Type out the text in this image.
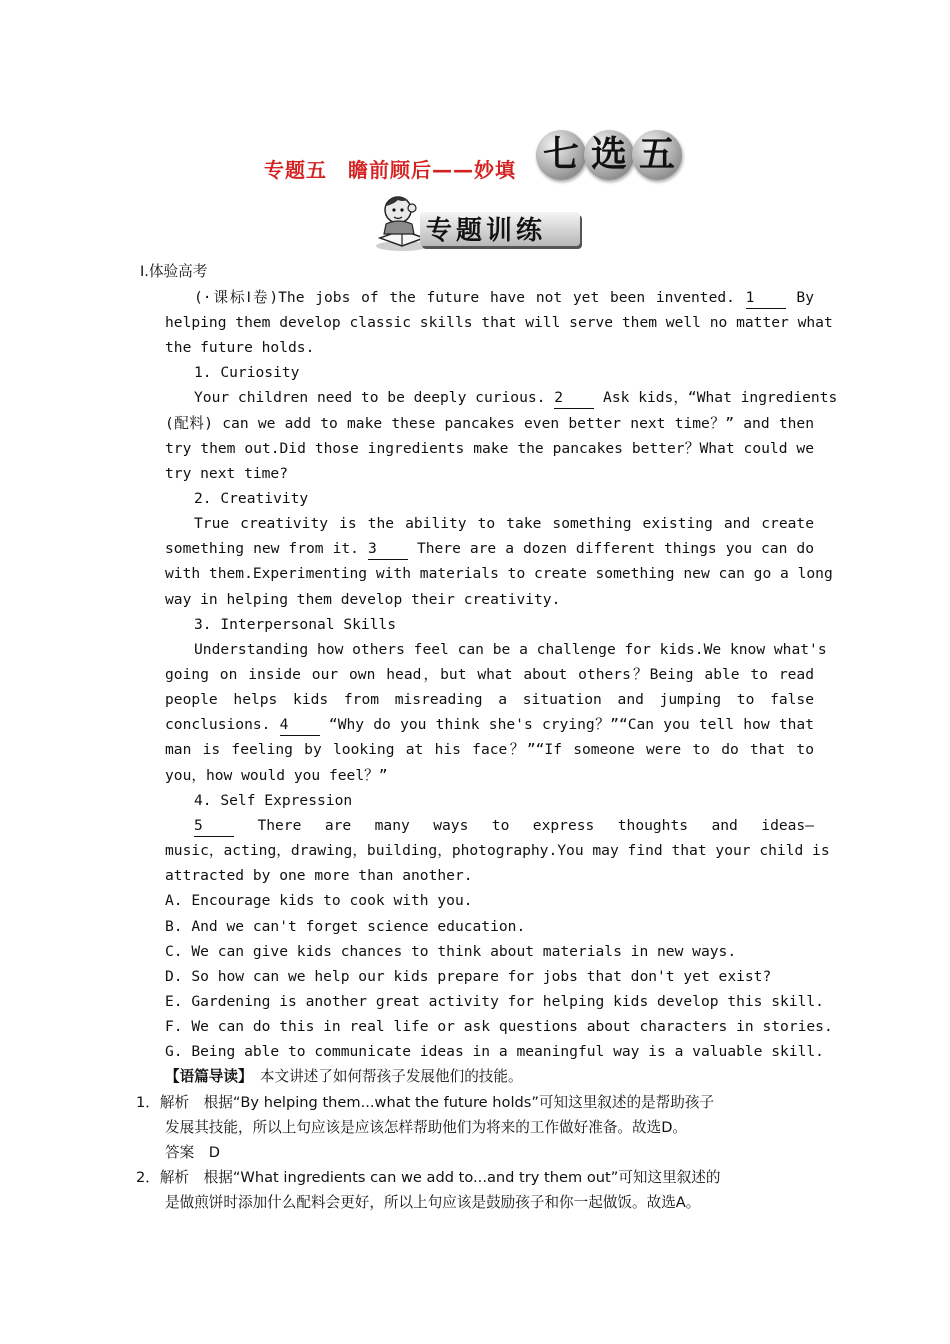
专题五　瞻前顾后——妙填 七 选 五
专题训练
Ⅰ.体验高考
(·课标Ⅰ卷)The jobs of the future have not yet been invented. 1	By
helping them develop classic skills that will serve them well no matter what
the future holds.
1. Curiosity
Your children need to be deeply curious. 2	Ask kids，“What ingredients
(配料) can we add to make these pancakes even better next time？” and then
try them out.Did those ingredients make the pancakes better？What could we
try next time?
2. Creativity
True creativity is the ability to take something existing and create
something new from it. 3	There are a dozen different things you can do
with them.Experimenting with materials to create something new can go a long
way in helping them develop their creativity.
3. Interpersonal Skills
Understanding how others feel can be a challenge for kids.We know what's
going on inside our own head，but what about others？Being able to read
people helps kids from misreading a situation and jumping to false
conclusions. 4	“Why do you think she's crying？”“Can you tell how that
man is feeling by looking at his face？”“If someone were to do that to
you，how would you feel？”
4. Self Expression
5	There are many ways to express thoughts and ideas—
music，acting，drawing，building，photography.You may find that your child is
attracted by one more than another.
A. Encourage kids to cook with you.
B. And we can't forget science education.
C. We can give kids chances to think about materials in new ways.
D. So how can we help our kids prepare for jobs that don't yet exist?
E. Gardening is another great activity for helping kids develop this skill.
F. We can do this in real life or ask questions about characters in stories.
G. Being able to communicate ideas in a meaningful way is a valuable skill.
【语篇导读】　 本文讲述了如何帮孩子发展他们的技能。
1．解析　根据“By helping them...what the future holds”可知这里叙述的是帮助孩子
发展其技能，所以上句应该是应该怎样帮助他们为将来的工作做好准备。故选D。
答案　D
2．解析　根据“What ingredients can we add to...and try them out”可知这里叙述的
是做煎饼时添加什么配料会更好，所以上句应该是鼓励孩子和你一起做饭。故选A。
